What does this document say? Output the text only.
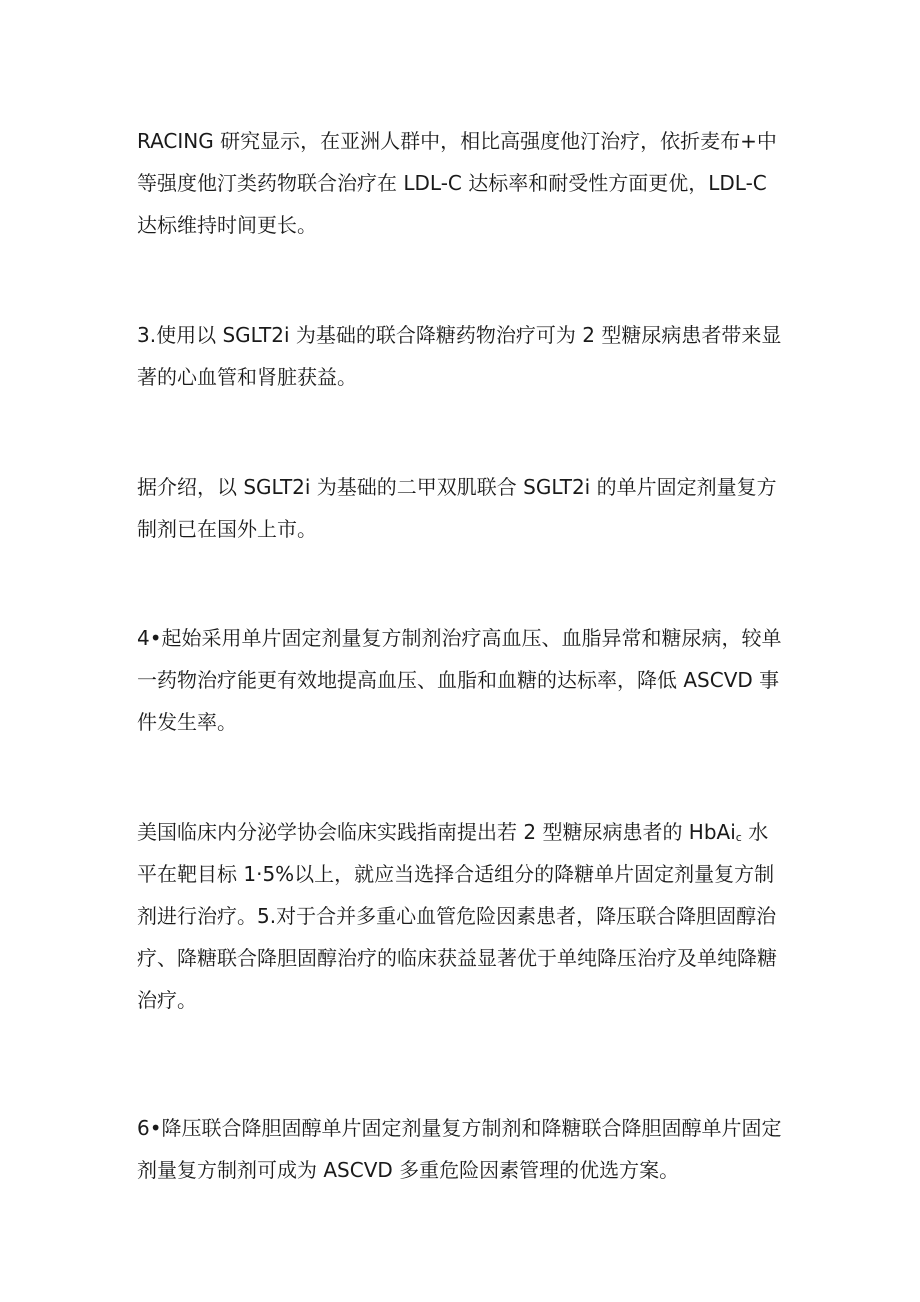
RACING 研究显示，在亚洲人群中，相比高强度他汀治疗，依折麦布+中
等强度他汀类药物联合治疗在 LDL-C 达标率和耐受性方面更优，LDL-C
达标维持时间更长。

3.使用以 SGLT2i 为基础的联合降糖药物治疗可为 2 型糖尿病患者带来显
著的心血管和肾脏获益。

据介绍，以 SGLT2i 为基础的二甲双肌联合 SGLT2i 的单片固定剂量复方
制剂已在国外上市。

4•起始采用单片固定剂量复方制剂治疗高血压、血脂异常和糖尿病，较单
一药物治疗能更有效地提高血压、血脂和血糖的达标率，降低 ASCVD 事
件发生率。

美国临床内分泌学协会临床实践指南提出若 2 型糖尿病患者的 HbAi$_c$ 水
平在靶目标 1·5%以上，就应当选择合适组分的降糖单片固定剂量复方制
剂进行治疗。5.对于合并多重心血管危险因素患者，降压联合降胆固醇治
疗、降糖联合降胆固醇治疗的临床获益显著优于单纯降压治疗及单纯降糖
治疗。

6•降压联合降胆固醇单片固定剂量复方制剂和降糖联合降胆固醇单片固定
剂量复方制剂可成为 ASCVD 多重危险因素管理的优选方案。
